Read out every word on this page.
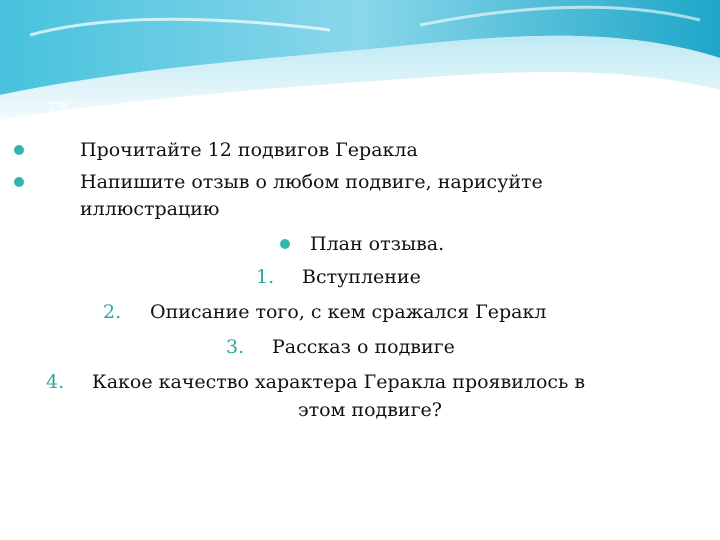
Домашнее задание
Прочитайте 12 подвигов Геракла
Напишите отзыв о любом подвиге, нарисуйте
иллюстрацию
План отзыва.
1. Вступление
2. Описание того, с кем сражался Геракл
3. Рассказ о подвиге
4. Какое качество характера Геракла проявилось в
этом подвиге?
